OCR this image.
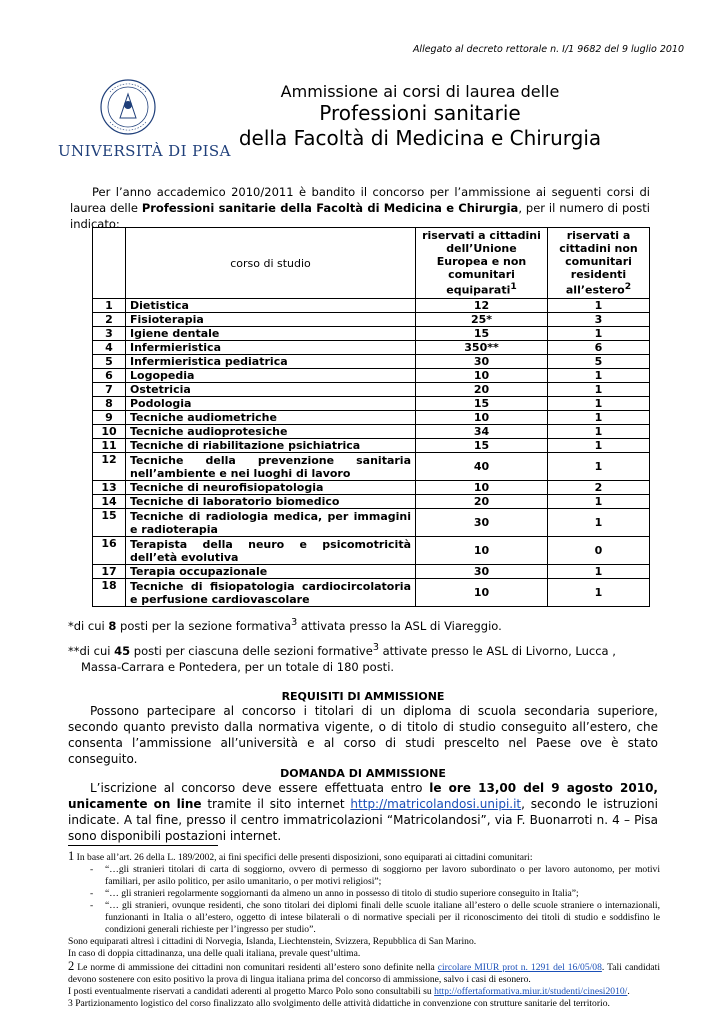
Allegato al decreto rettorale n. I/1 9682 del 9 luglio 2010
UNIVERSITÀ DI PISA
Ammissione ai corsi di laurea delle
Professioni sanitarie
della Facoltà di Medicina e Chirurgia
Per l’anno accademico 2010/2011 è bandito il concorso per l’ammissione ai seguenti corsi di laurea delle Professioni sanitarie della Facoltà di Medicina e Chirurgia, per il numero di posti indicato:
	corso di studio	riservati a cittadini dell’Unione Europea e non comunitari equiparati$^1$	riservati a cittadini non comunitari residenti all’estero$^2$
1	Dietistica	12	1
2	Fisioterapia	25*	3
3	Igiene dentale	15	1
4	Infermieristica	350**	6
5	Infermieristica pediatrica	30	5
6	Logopedia	10	1
7	Ostetricia	20	1
8	Podologia	15	1
9	Tecniche audiometriche	10	1
10	Tecniche audioprotesiche	34	1
11	Tecniche di riabilitazione psichiatrica	15	1
12	Tecniche della prevenzione sanitaria nell’ambiente e nei luoghi di lavoro	40	1
13	Tecniche di neurofisiopatologia	10	2
14	Tecniche di laboratorio biomedico	20	1
15	Tecniche di radiologia medica, per immagini e radioterapia	30	1
16	Terapista della neuro e psicomotricità dell’età evolutiva	10	0
17	Terapia occupazionale	30	1
18	Tecniche di fisiopatologia cardiocircolatoria e perfusione cardiovascolare	10	1
*di cui 8 posti per la sezione formativa$^3$ attivata presso la ASL di Viareggio.
**di cui 45 posti per ciascuna delle sezioni formative$^3$ attivate presso le ASL di Livorno, Lucca , Massa-Carrara e Pontedera, per un totale di 180 posti.
REQUISITI DI AMMISSIONE
Possono partecipare al concorso i titolari di un diploma di scuola secondaria superiore, secondo quanto previsto dalla normativa vigente, o di titolo di studio conseguito all’estero, che consenta l’ammissione all’università e al corso di studi prescelto nel Paese ove è stato conseguito.
DOMANDA DI AMMISSIONE
L’iscrizione al concorso deve essere effettuata entro le ore 13,00 del 9 agosto 2010, unicamente on line tramite il sito internet http://matricolandosi.unipi.it, secondo le istruzioni indicate. A tal fine, presso il centro immatricolazioni “Matricolandosi”, via F. Buonarroti n. 4 – Pisa sono disponibili postazioni internet.
1 In base all’art. 26 della L. 189/2002, ai fini specifici delle presenti disposizioni, sono equiparati ai cittadini comunitari:
- “…gli stranieri titolari di carta di soggiorno, ovvero di permesso di soggiorno per lavoro subordinato o per lavoro autonomo, per motivi familiari, per asilo politico, per asilo umanitario, o per motivi religiosi”;
- “… gli stranieri regolarmente soggiornanti da almeno un anno in possesso di titolo di studio superiore conseguito in Italia”;
- “… gli stranieri, ovunque residenti, che sono titolari dei diplomi finali delle scuole italiane all’estero o delle scuole straniere o internazionali, funzionanti in Italia o all’estero, oggetto di intese bilaterali o di normative speciali per il riconoscimento dei titoli di studio e soddisfino le condizioni generali richieste per l’ingresso per studio”.
Sono equiparati altresì i cittadini di Norvegia, Islanda, Liechtenstein, Svizzera, Repubblica di San Marino.
In caso di doppia cittadinanza, una delle quali italiana, prevale quest’ultima.
2 Le norme di ammissione dei cittadini non comunitari residenti all’estero sono definite nella circolare MIUR prot n. 1291 del 16/05/08. Tali candidati devono sostenere con esito positivo la prova di lingua italiana prima del concorso di ammissione, salvo i casi di esonero.
I posti eventualmente riservati a candidati aderenti al progetto Marco Polo sono consultabili su http://offertaformativa.miur.it/studenti/cinesi2010/.
3 Partizionamento logistico del corso finalizzato allo svolgimento delle attività didattiche in convenzione con strutture sanitarie del territorio.
